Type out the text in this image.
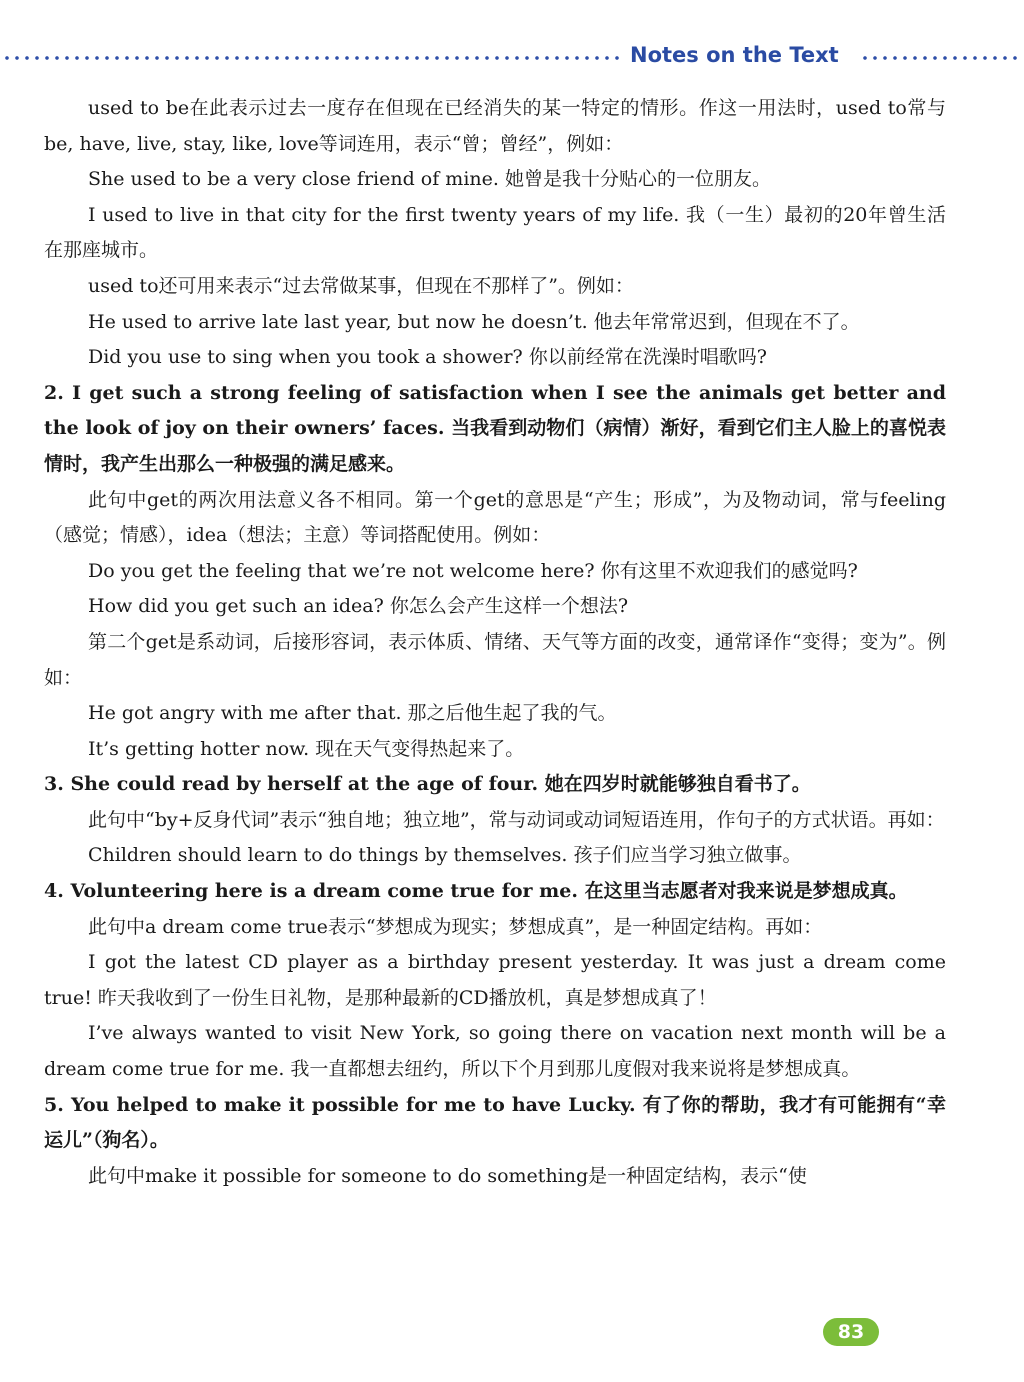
Notes on the Text

used to be在此表示过去一度存在但现在已经消失的某一特定的情形。作这一用法时，used to常与be, have, live, stay, like, love等词连用，表示“曾；曾经”，例如：

She used to be a very close friend of mine. 她曾是我十分贴心的一位朋友。

I used to live in that city for the first twenty years of my life. 我（一生）最初的20年曾生活在那座城市。

used to还可用来表示“过去常做某事，但现在不那样了”。例如：

He used to arrive late last year, but now he doesn’t. 他去年常常迟到，但现在不了。

Did you use to sing when you took a shower? 你以前经常在洗澡时唱歌吗?

2. I get such a strong feeling of satisfaction when I see the animals get better and the look of joy on their owners’ faces. 当我看到动物们（病情）渐好，看到它们主人脸上的喜悦表情时，我产生出那么一种极强的满足感来。

此句中get的两次用法意义各不相同。第一个get的意思是“产生；形成”，为及物动词，常与feeling（感觉；情感），idea（想法；主意）等词搭配使用。例如：

Do you get the feeling that we’re not welcome here? 你有这里不欢迎我们的感觉吗?

How did you get such an idea? 你怎么会产生这样一个想法?

第二个get是系动词，后接形容词，表示体质、情绪、天气等方面的改变，通常译作“变得；变为”。例如：

He got angry with me after that. 那之后他生起了我的气。

It’s getting hotter now. 现在天气变得热起来了。

3. She could read by herself at the age of four. 她在四岁时就能够独自看书了。

此句中“by+反身代词”表示“独自地；独立地”，常与动词或动词短语连用，作句子的方式状语。再如：

Children should learn to do things by themselves. 孩子们应当学习独立做事。

4. Volunteering here is a dream come true for me. 在这里当志愿者对我来说是梦想成真。

此句中a dream come true表示“梦想成为现实；梦想成真”，是一种固定结构。再如：

I got the latest CD player as a birthday present yesterday. It was just a dream come true! 昨天我收到了一份生日礼物，是那种最新的CD播放机，真是梦想成真了！

I’ve always wanted to visit New York, so going there on vacation next month will be a dream come true for me. 我一直都想去纽约，所以下个月到那儿度假对我来说将是梦想成真。

5. You helped to make it possible for me to have Lucky. 有了你的帮助，我才有可能拥有“幸运儿”（狗名）。

此句中make it possible for someone to do something是一种固定结构，表示“使

83
